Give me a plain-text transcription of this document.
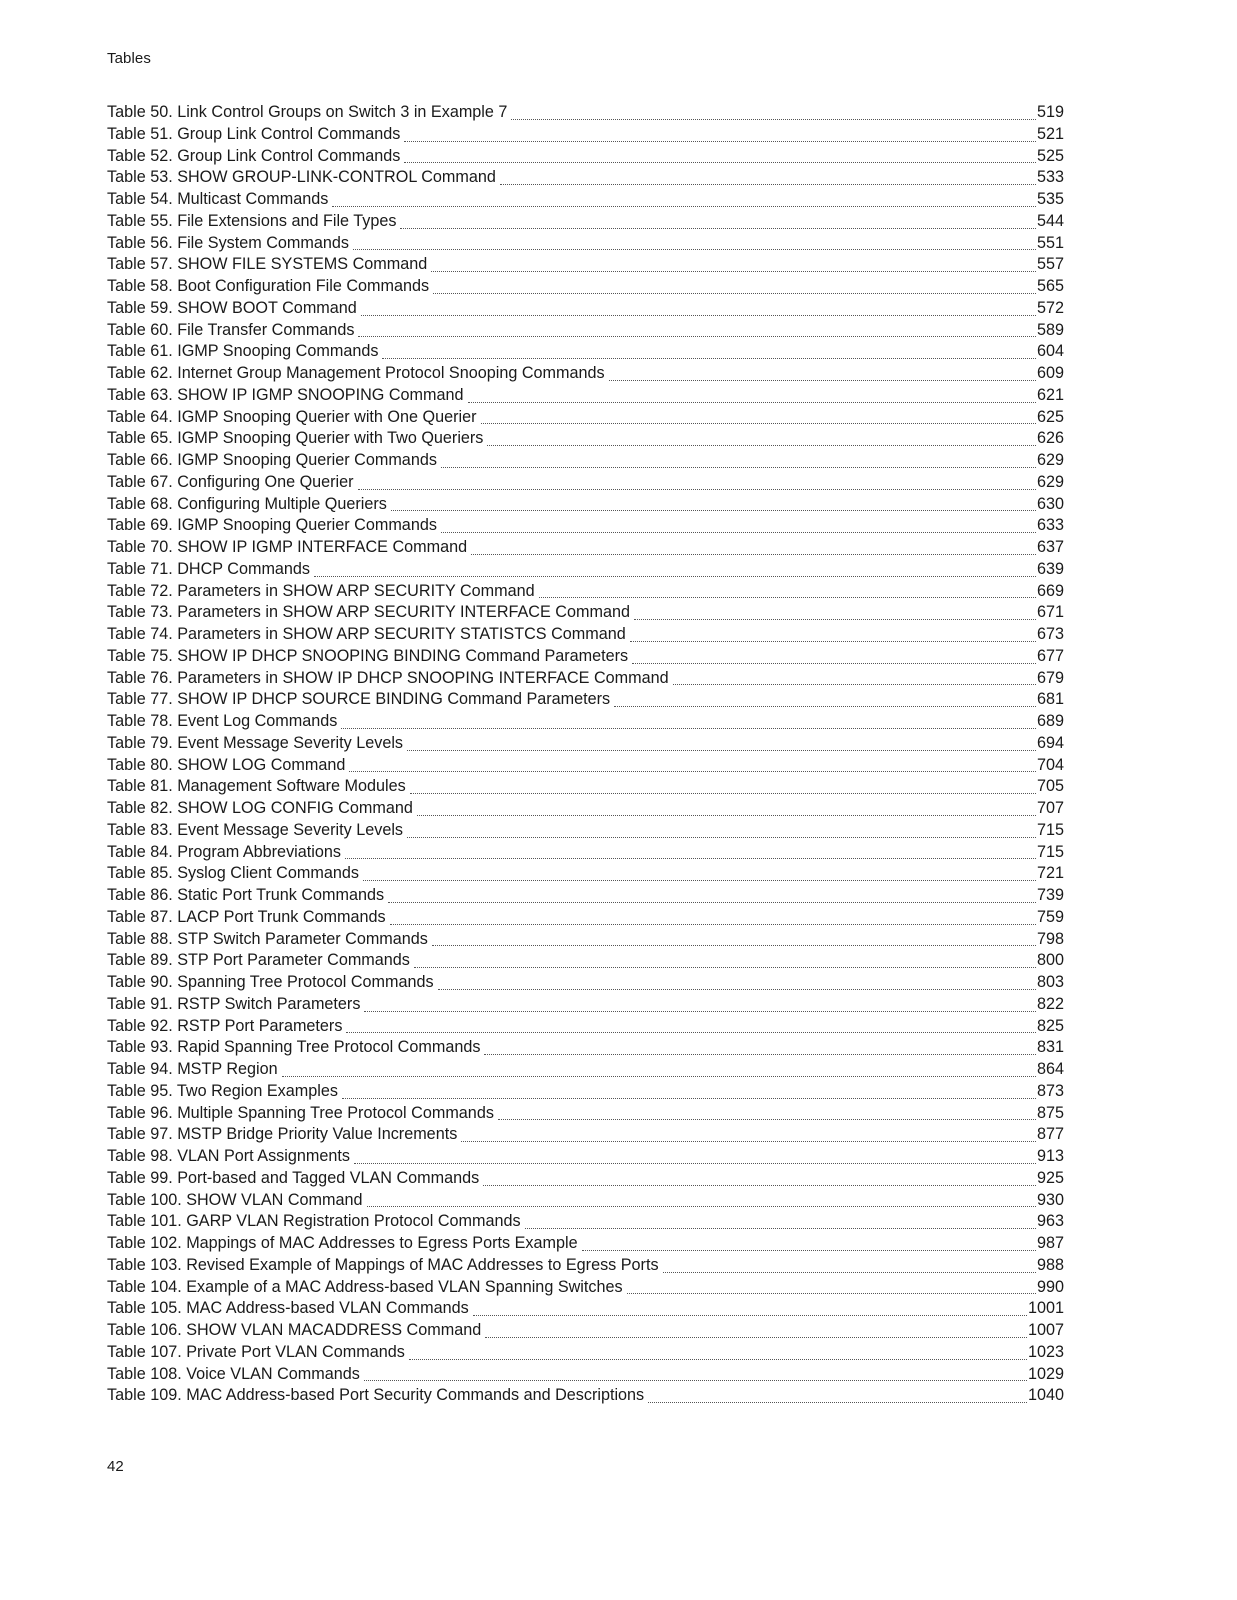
Tables
Table 50. Link Control Groups on Switch 3 in Example 7	519
Table 51. Group Link Control Commands	521
Table 52. Group Link Control Commands	525
Table 53. SHOW GROUP-LINK-CONTROL Command	533
Table 54. Multicast Commands	535
Table 55. File Extensions and File Types	544
Table 56. File System Commands	551
Table 57. SHOW FILE SYSTEMS Command	557
Table 58. Boot Configuration File Commands	565
Table 59. SHOW BOOT Command	572
Table 60. File Transfer Commands	589
Table 61. IGMP Snooping Commands	604
Table 62. Internet Group Management Protocol Snooping Commands	609
Table 63. SHOW IP IGMP SNOOPING Command	621
Table 64. IGMP Snooping Querier with One Querier	625
Table 65. IGMP Snooping Querier with Two Queriers	626
Table 66. IGMP Snooping Querier Commands	629
Table 67. Configuring One Querier	629
Table 68. Configuring Multiple Queriers	630
Table 69. IGMP Snooping Querier Commands	633
Table 70. SHOW IP IGMP INTERFACE Command	637
Table 71. DHCP Commands	639
Table 72. Parameters in SHOW ARP SECURITY Command	669
Table 73. Parameters in SHOW ARP SECURITY INTERFACE Command	671
Table 74. Parameters in SHOW ARP SECURITY STATISTCS Command	673
Table 75. SHOW IP DHCP SNOOPING BINDING Command Parameters	677
Table 76. Parameters in SHOW IP DHCP SNOOPING INTERFACE Command	679
Table 77. SHOW IP DHCP SOURCE BINDING Command Parameters	681
Table 78. Event Log Commands	689
Table 79. Event Message Severity Levels	694
Table 80. SHOW LOG Command	704
Table 81. Management Software Modules	705
Table 82. SHOW LOG CONFIG Command	707
Table 83. Event Message Severity Levels	715
Table 84. Program Abbreviations	715
Table 85. Syslog Client Commands	721
Table 86. Static Port Trunk Commands	739
Table 87. LACP Port Trunk Commands	759
Table 88. STP Switch Parameter Commands	798
Table 89. STP Port Parameter Commands	800
Table 90. Spanning Tree Protocol Commands	803
Table 91. RSTP Switch Parameters	822
Table 92. RSTP Port Parameters	825
Table 93. Rapid Spanning Tree Protocol Commands	831
Table 94. MSTP Region	864
Table 95. Two Region Examples	873
Table 96. Multiple Spanning Tree Protocol Commands	875
Table 97. MSTP Bridge Priority Value Increments	877
Table 98. VLAN Port Assignments	913
Table 99. Port-based and Tagged VLAN Commands	925
Table 100. SHOW VLAN Command	930
Table 101. GARP VLAN Registration Protocol Commands	963
Table 102. Mappings of MAC Addresses to Egress Ports Example	987
Table 103. Revised Example of Mappings of MAC Addresses to Egress Ports	988
Table 104. Example of a MAC Address-based VLAN Spanning Switches	990
Table 105. MAC Address-based VLAN Commands	1001
Table 106. SHOW VLAN MACADDRESS Command	1007
Table 107. Private Port VLAN Commands	1023
Table 108. Voice VLAN Commands	1029
Table 109. MAC Address-based Port Security Commands and Descriptions	1040
42
